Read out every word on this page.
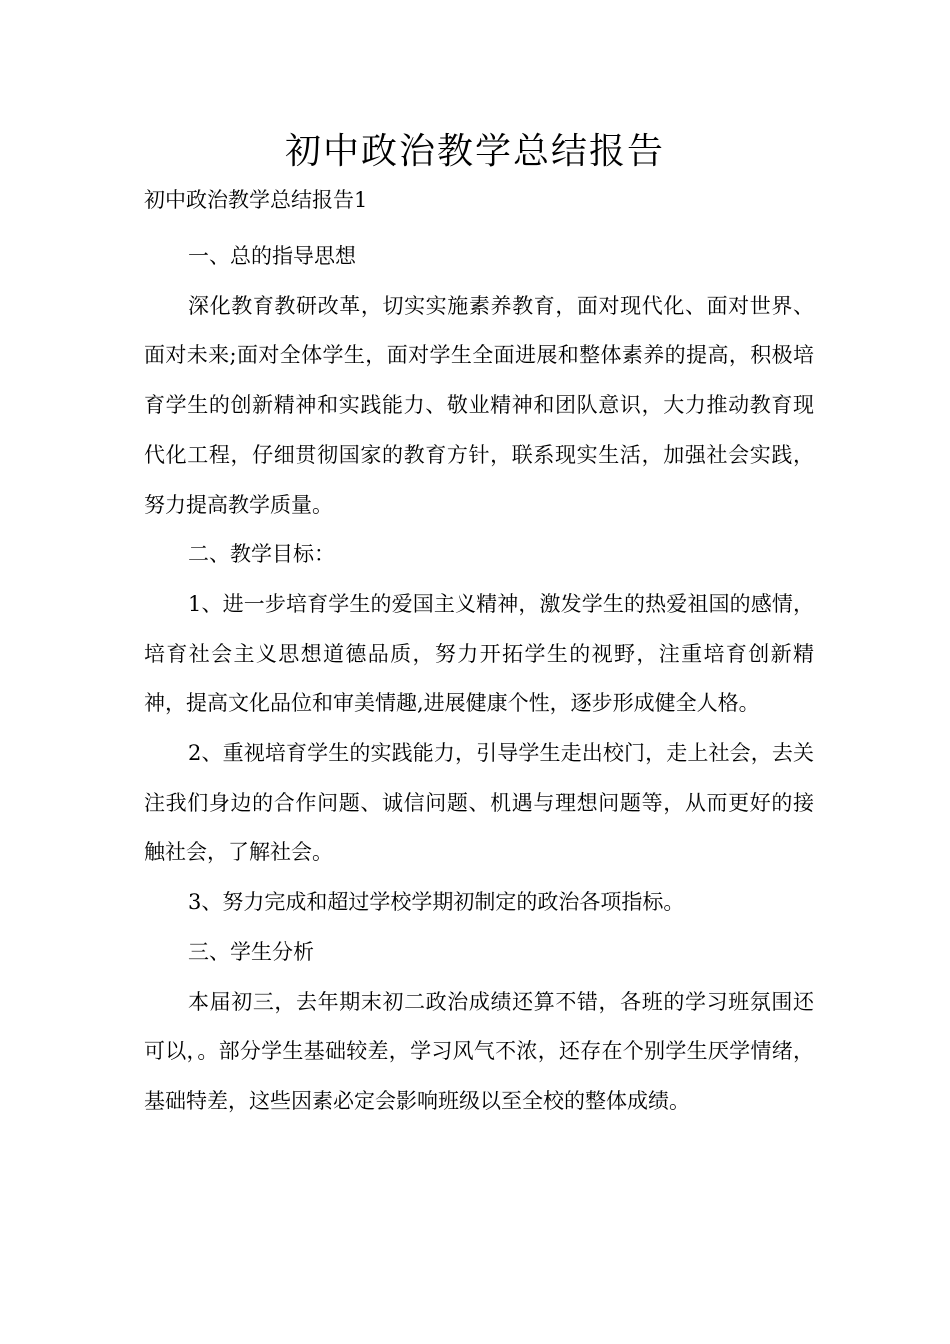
初中政治教学总结报告

初中政治教学总结报告1

一、总的指导思想

深化教育教研改革，切实实施素养教育，面对现代化、面对世界、面对未来;面对全体学生，面对学生全面进展和整体素养的提高，积极培育学生的创新精神和实践能力、敬业精神和团队意识，大力推动教育现代化工程，仔细贯彻国家的教育方针，联系现实生活，加强社会实践，努力提高教学质量。

二、教学目标：

1、进一步培育学生的爱国主义精神，激发学生的热爱祖国的感情，培育社会主义思想道德品质，努力开拓学生的视野，注重培育创新精神，提高文化品位和审美情趣,进展健康个性，逐步形成健全人格。

2、重视培育学生的实践能力，引导学生走出校门，走上社会，去关注我们身边的合作问题、诚信问题、机遇与理想问题等，从而更好的接触社会，了解社会。

3、努力完成和超过学校学期初制定的政治各项指标。

三、学生分析

本届初三，去年期末初二政治成绩还算不错，各班的学习班氛围还可以，。部分学生基础较差，学习风气不浓，还存在个别学生厌学情绪，基础特差，这些因素必定会影响班级以至全校的整体成绩。
